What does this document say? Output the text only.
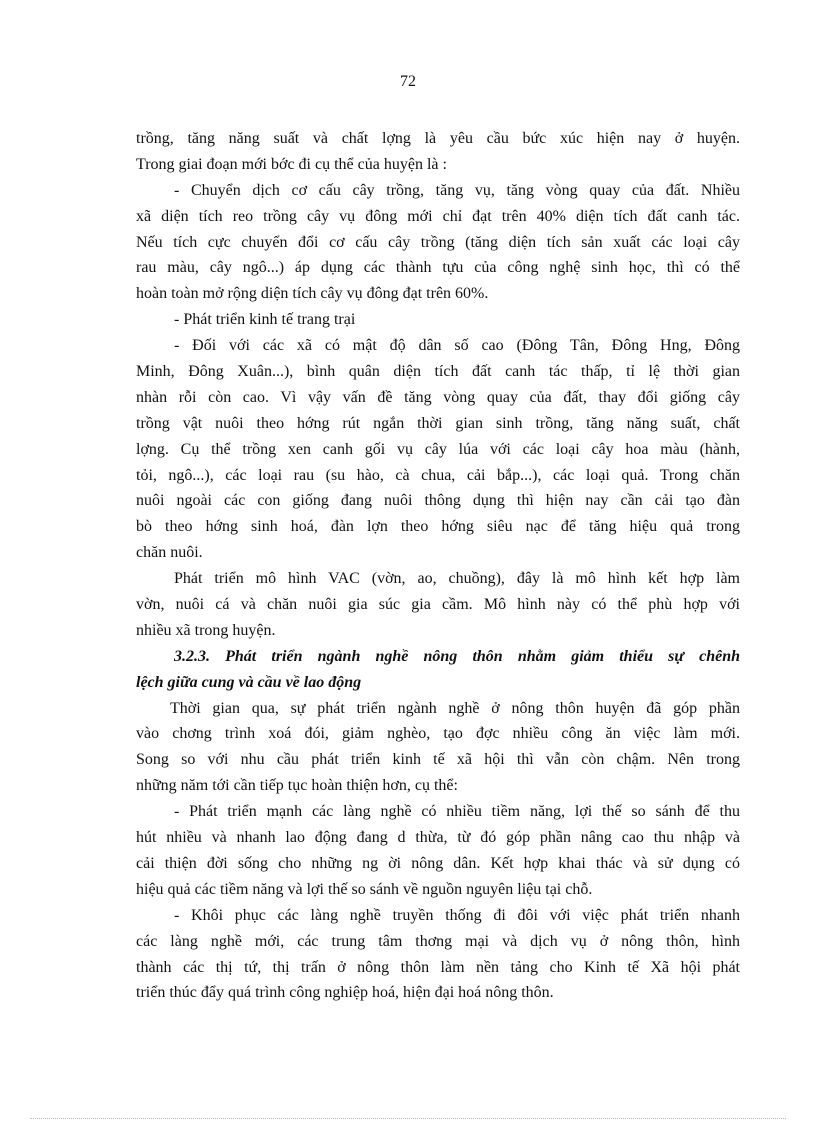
72
trồng, tăng năng suất và chất lợng là yêu cầu bức xúc hiện nay ở huyện.
Trong giai đoạn mới bớc đi cụ thể của huyện là :
- Chuyển dịch cơ cấu cây trồng, tăng vụ, tăng vòng quay của đất. Nhiều
xã diện tích reo trồng cây vụ đông mới chỉ đạt trên 40% diện tích đất canh tác.
Nếu tích cực chuyển đổi cơ cấu cây trồng (tăng diện tích sản xuất các loại cây
rau màu, cây ngô...) áp dụng các thành tựu của công nghệ sinh học, thì có thể
hoàn toàn mở rộng diện tích cây vụ đông đạt trên 60%.
- Phát triển kinh tế trang trại
- Đối với các xã có mật độ dân số cao (Đông Tân, Đông Hng, Đông
Minh, Đông Xuân...), bình quân diện tích đất canh tác thấp, tỉ lệ thời gian
nhàn rỗi còn cao. Vì vậy vấn đề tăng vòng quay của đất, thay đổi giống cây
trồng vật nuôi theo hớng rút ngắn thời gian sinh trồng, tăng năng suất, chất
lợng. Cụ thể trồng xen canh gối vụ cây lúa với các loại cây hoa màu (hành,
tỏi, ngô...), các loại rau (su hào, cà chua, cải bắp...), các loại quả. Trong chăn
nuôi ngoài các con giống đang nuôi thông dụng thì hiện nay cần cải tạo đàn
bò theo hớng sinh hoá, đàn lợn theo hớng siêu nạc để tăng hiệu quả trong
chăn nuôi.
Phát triển mô hình VAC (vờn, ao, chuồng), đây là mô hình kết hợp làm
vờn, nuôi cá và chăn nuôi gia súc gia cầm. Mô hình này có thể phù hợp với
nhiều xã trong huyện.
3.2.3. Phát triển ngành nghề nông thôn nhằm giảm thiểu sự chênh
lệch giữa cung và cầu về lao động
Thời gian qua, sự phát triển ngành nghề ở nông thôn huyện đã góp phần
vào chơng trình xoá đói, giảm nghèo, tạo đợc nhiều công ăn việc làm mới.
Song so với nhu cầu phát triển kinh tế xã hội thì vẫn còn chậm. Nên trong
những năm tới cần tiếp tục hoàn thiện hơn, cụ thể:
- Phát triển mạnh các làng nghề có nhiều tiềm năng, lợi thế so sánh để thu
hút nhiều và nhanh lao động đang d thừa, từ đó góp phần nâng cao thu nhập và
cải thiện đời sống cho những ng ời nông dân. Kết hợp khai thác và sử dụng có
hiệu quả các tiềm năng và lợi thế so sánh về nguồn nguyên liệu tại chỗ.
- Khôi phục các làng nghề truyền thống đi đôi với việc phát triển nhanh
các làng nghề mới, các trung tâm thơng mại và dịch vụ ở nông thôn, hình
thành các thị tứ, thị trấn ở nông thôn làm nền tảng cho Kinh tế Xã hội phát
triển thúc đẩy quá trình công nghiệp hoá, hiện đại hoá nông thôn.
